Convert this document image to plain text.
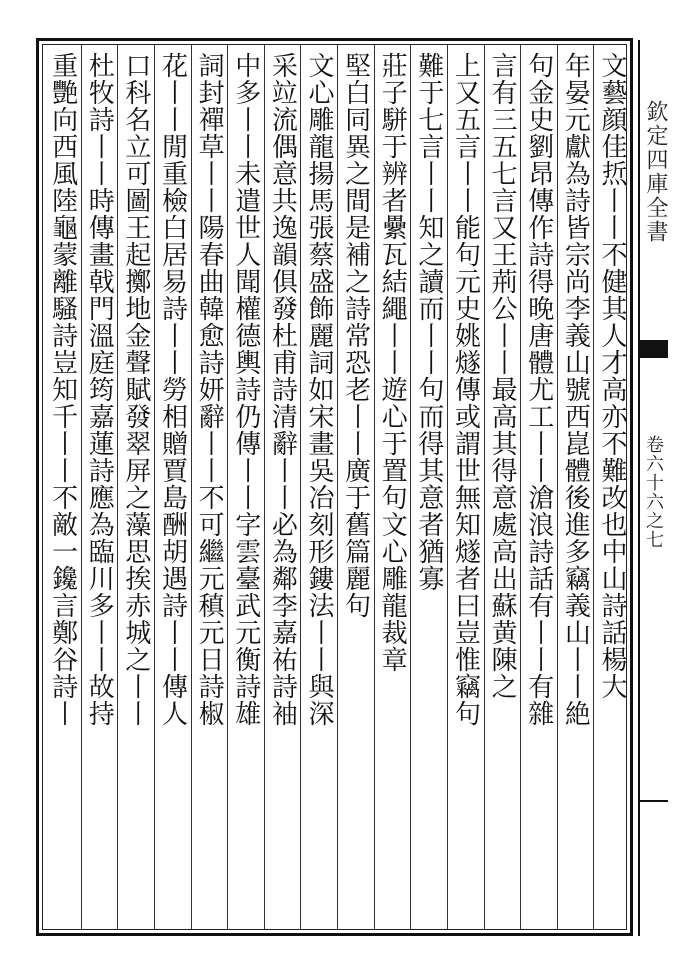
欽定四庫全書
卷六十六之七
文藝顔佳焎丨丨不健其人才高亦不難改也中山詩話楊大
年晏元獻為詩皆宗尚李義山號西崑體後進多竊義山丨丨絶
句金史劉昂傳作詩得晚唐體尤工丨丨滄浪詩話有丨丨有雜
言有三五七言又王荊公丨丨最高其得意處高出蘇黄陳之
上又五言丨丨能句元史姚燧傳或謂世無知燧者曰豈惟竊句
難于七言丨丨知之讀而丨丨句而得其意者猶寡
莊子駢于辨者纍瓦結繩丨丨遊心于置句文心雕龍裁章
堅白同異之間是補之詩常恐老丨丨廣于舊篇麗句
文心雕龍揚馬張蔡盛飾麗詞如宋畫吳冶刻形鏤法丨丨與深
采竝流偶意共逸韻俱發杜甫詩清辭丨丨必為鄰李嘉祐詩袖
中多丨丨未遣世人聞權德輿詩仍傳丨丨字雲臺武元衡詩雄
詞封禪草丨丨陽春曲韓愈詩妍辭丨丨不可繼元稹元日詩椒
花丨丨閒重檢白居易詩丨丨勞相贈賈島酬胡遇詩丨丨傳人
口科名立可圖王起擲地金聲賦發翠屏之藻思挨赤城之丨丨
杜牧詩丨丨時傳畫戟門溫庭筠嘉蓮詩應為臨川多丨丨故持
重艷向西風陸龜蒙離騷詩豈知千丨丨不敵一鑱言鄭谷詩丨
